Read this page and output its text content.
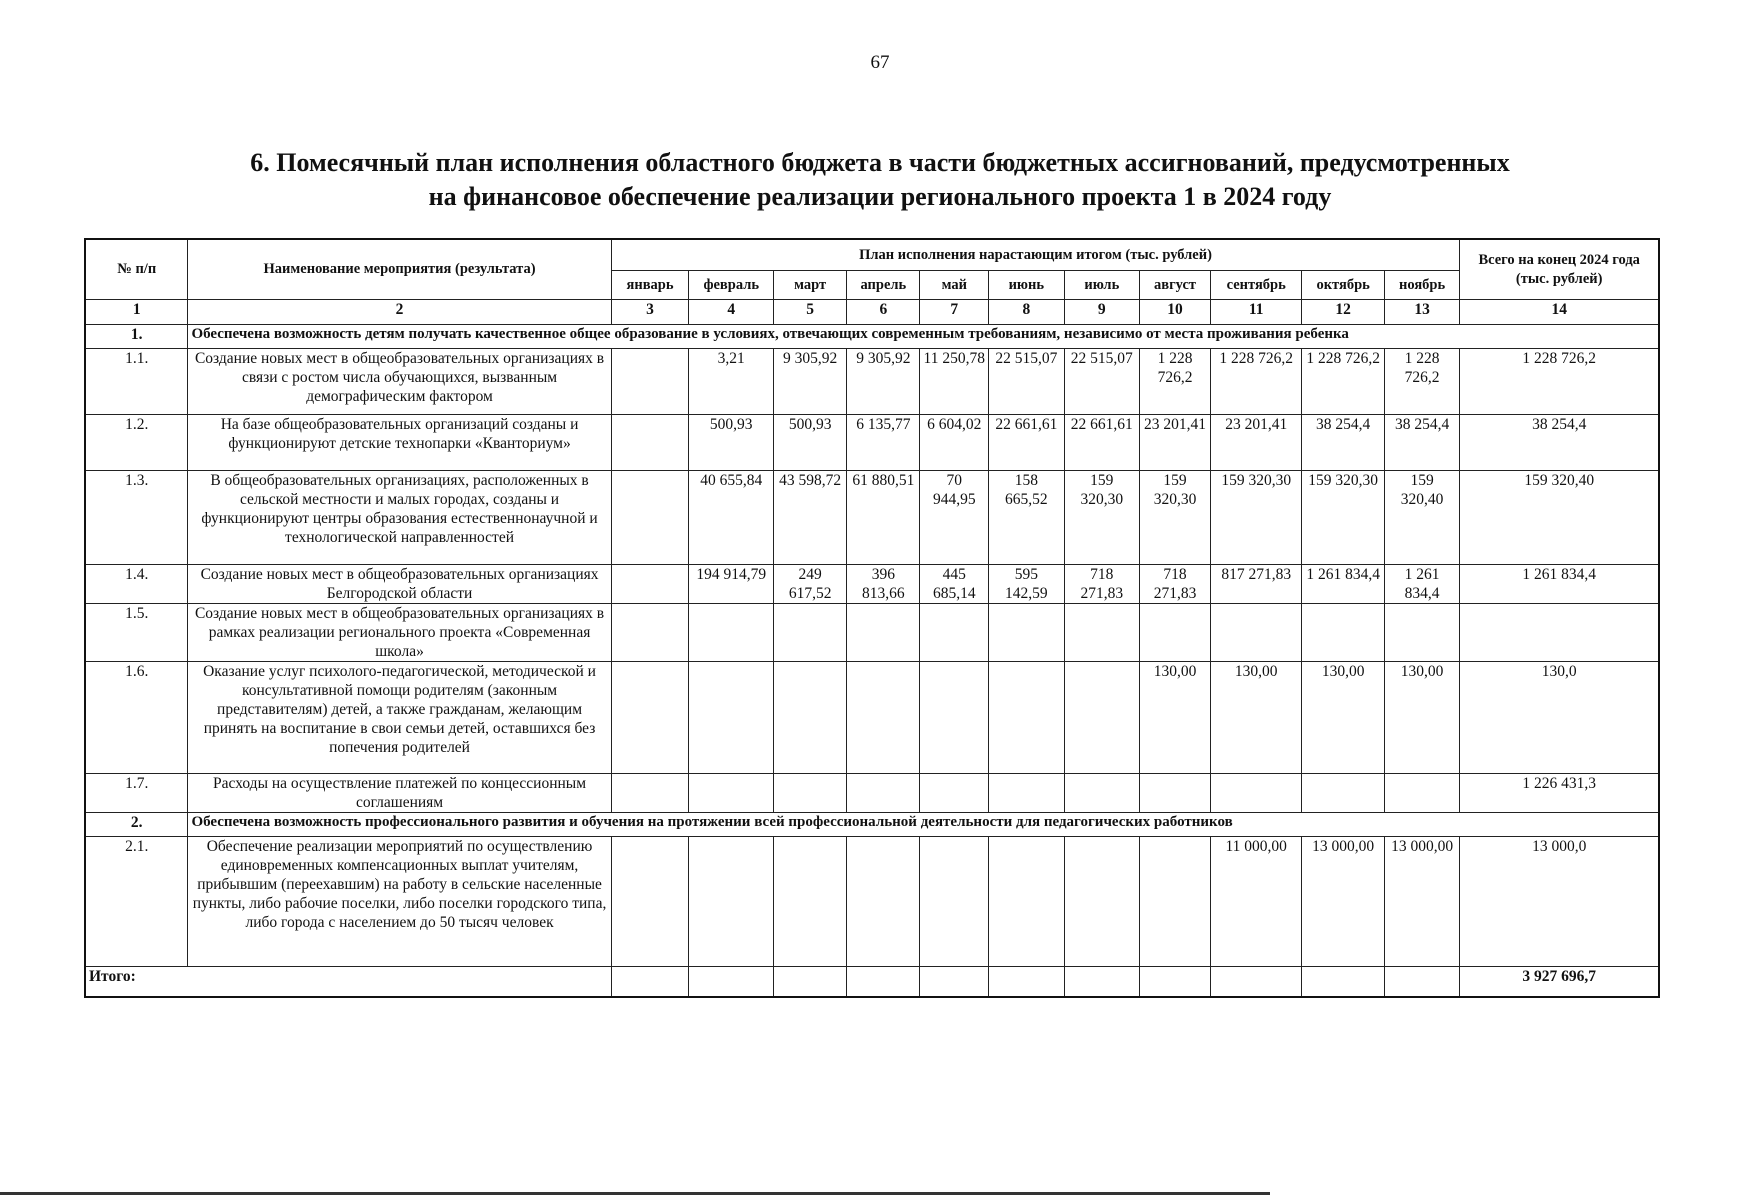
67
6. Помесячный план исполнения областного бюджета в части бюджетных ассигнований, предусмотренных
на финансовое обеспечение реализации регионального проекта 1 в 2024 году
№ п/п	Наименование мероприятия (результата)	План исполнения нарастающим итогом (тыс. рублей)											Всего на конец 2024 года (тыс. рублей)
		январь	февраль	март	апрель	май	июнь	июль	август	сентябрь	октябрь	ноябрь	
1	2	3	4	5	6	7	8	9	10	11	12	13	14
1.	Обеспечена возможность детям получать качественное общее образование в условиях, отвечающих современным требованиям, независимо от места проживания ребенка												
1.1.	Создание новых мест в общеобразовательных организациях в связи с ростом числа обучающихся, вызванным демографическим фактором		3,21	9 305,92	9 305,92	11 250,78	22 515,07	22 515,07	1 228 726,2	1 228 726,2	1 228 726,2	1 228 726,2	1 228 726,2
1.2.	На базе общеобразовательных организаций созданы и функционируют детские технопарки «Кванториум»		500,93	500,93	6 135,77	6 604,02	22 661,61	22 661,61	23 201,41	23 201,41	38 254,4	38 254,4	38 254,4
1.3.	В общеобразовательных организациях, расположенных в сельской местности и малых городах, созданы и функционируют центры образования естественнонаучной и технологической направленностей		40 655,84	43 598,72	61 880,51	70 944,95	158 665,52	159 320,30	159 320,30	159 320,30	159 320,30	159 320,40	159 320,40
1.4.	Создание новых мест в общеобразовательных организациях Белгородской области		194 914,79	249 617,52	396 813,66	445 685,14	595 142,59	718 271,83	718 271,83	817 271,83	1 261 834,4	1 261 834,4	1 261 834,4
1.5.	Создание новых мест в общеобразовательных организациях в рамках реализации регионального проекта «Современная школа»												
1.6.	Оказание услуг психолого-педагогической, методической и консультативной помощи родителям (законным представителям) детей, а также гражданам, желающим принять на воспитание в свои семьи детей, оставшихся без попечения родителей								130,00	130,00	130,00	130,00	130,0
1.7.	Расходы на осуществление платежей по концессионным соглашениям												1 226 431,3
2.	Обеспечена возможность профессионального развития и обучения на протяжении всей профессиональной деятельности для педагогических работников												
2.1.	Обеспечение реализации мероприятий по осуществлению единовременных компенсационных выплат учителям, прибывшим (переехавшим) на работу в сельские населенные пункты, либо рабочие поселки, либо поселки городского типа, либо города с населением до 50 тысяч человек									11 000,00	13 000,00	13 000,00	13 000,0
Итого:													3 927 696,7
